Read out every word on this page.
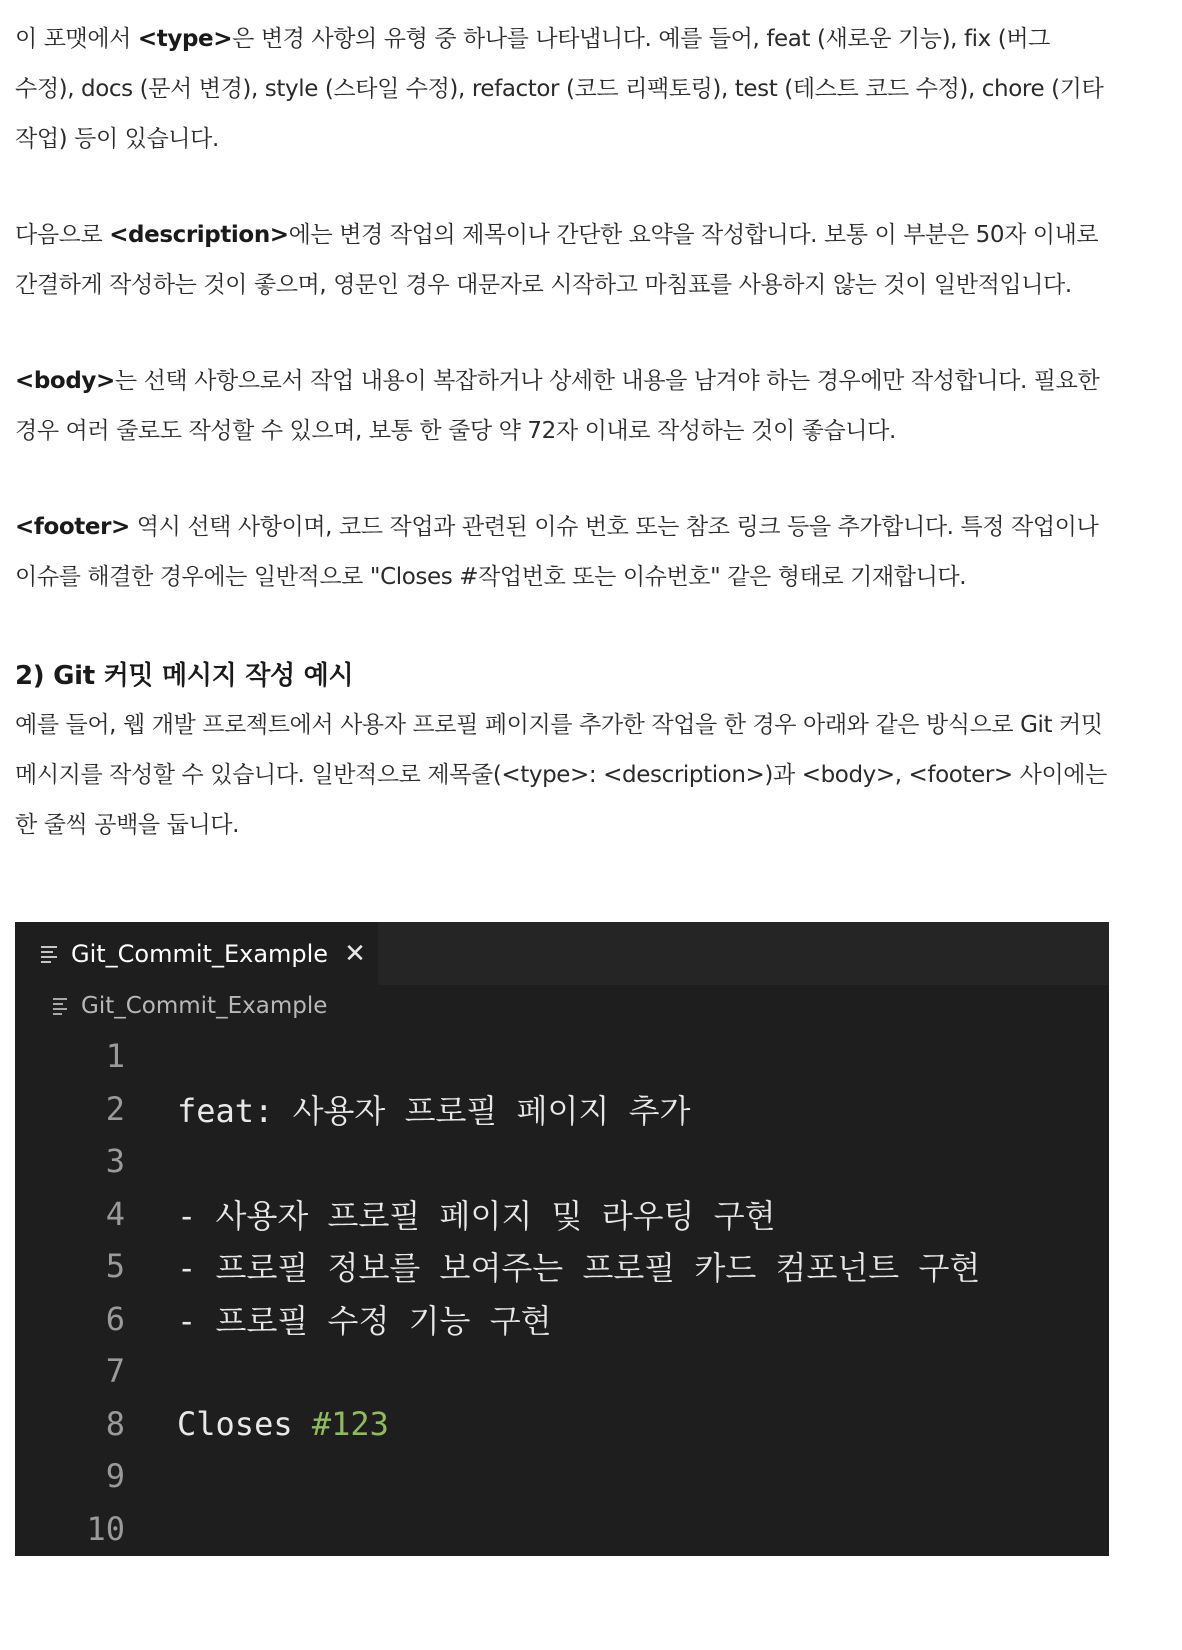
이 포맷에서 <type>은 변경 사항의 유형 중 하나를 나타냅니다. 예를 들어, feat (새로운 기능), fix (버그 수정), docs (문서 변경), style (스타일 수정), refactor (코드 리팩토링), test (테스트 코드 수정), chore (기타 작업) 등이 있습니다.

다음으로 <description>에는 변경 작업의 제목이나 간단한 요약을 작성합니다. 보통 이 부분은 50자 이내로 간결하게 작성하는 것이 좋으며, 영문인 경우 대문자로 시작하고 마침표를 사용하지 않는 것이 일반적입니다.

<body>는 선택 사항으로서 작업 내용이 복잡하거나 상세한 내용을 남겨야 하는 경우에만 작성합니다. 필요한 경우 여러 줄로도 작성할 수 있으며, 보통 한 줄당 약 72자 이내로 작성하는 것이 좋습니다.

<footer> 역시 선택 사항이며, 코드 작업과 관련된 이슈 번호 또는 참조 링크 등을 추가합니다. 특정 작업이나 이슈를 해결한 경우에는 일반적으로 "Closes #작업번호 또는 이슈번호" 같은 형태로 기재합니다.

2) Git 커밋 메시지 작성 예시

예를 들어, 웹 개발 프로젝트에서 사용자 프로필 페이지를 추가한 작업을 한 경우 아래와 같은 방식으로 Git 커밋 메시지를 작성할 수 있습니다. 일반적으로 제목줄(<type>: <description>)과 <body>, <footer> 사이에는 한 줄씩 공백을 둡니다.

Git_Commit_Example ✕
Git_Commit_Example
1
2 feat: 사용자 프로필 페이지 추가
3
4 - 사용자 프로필 페이지 및 라우팅 구현
5 - 프로필 정보를 보여주는 프로필 카드 컴포넌트 구현
6 - 프로필 수정 기능 구현
7
8 Closes #123
9
10
